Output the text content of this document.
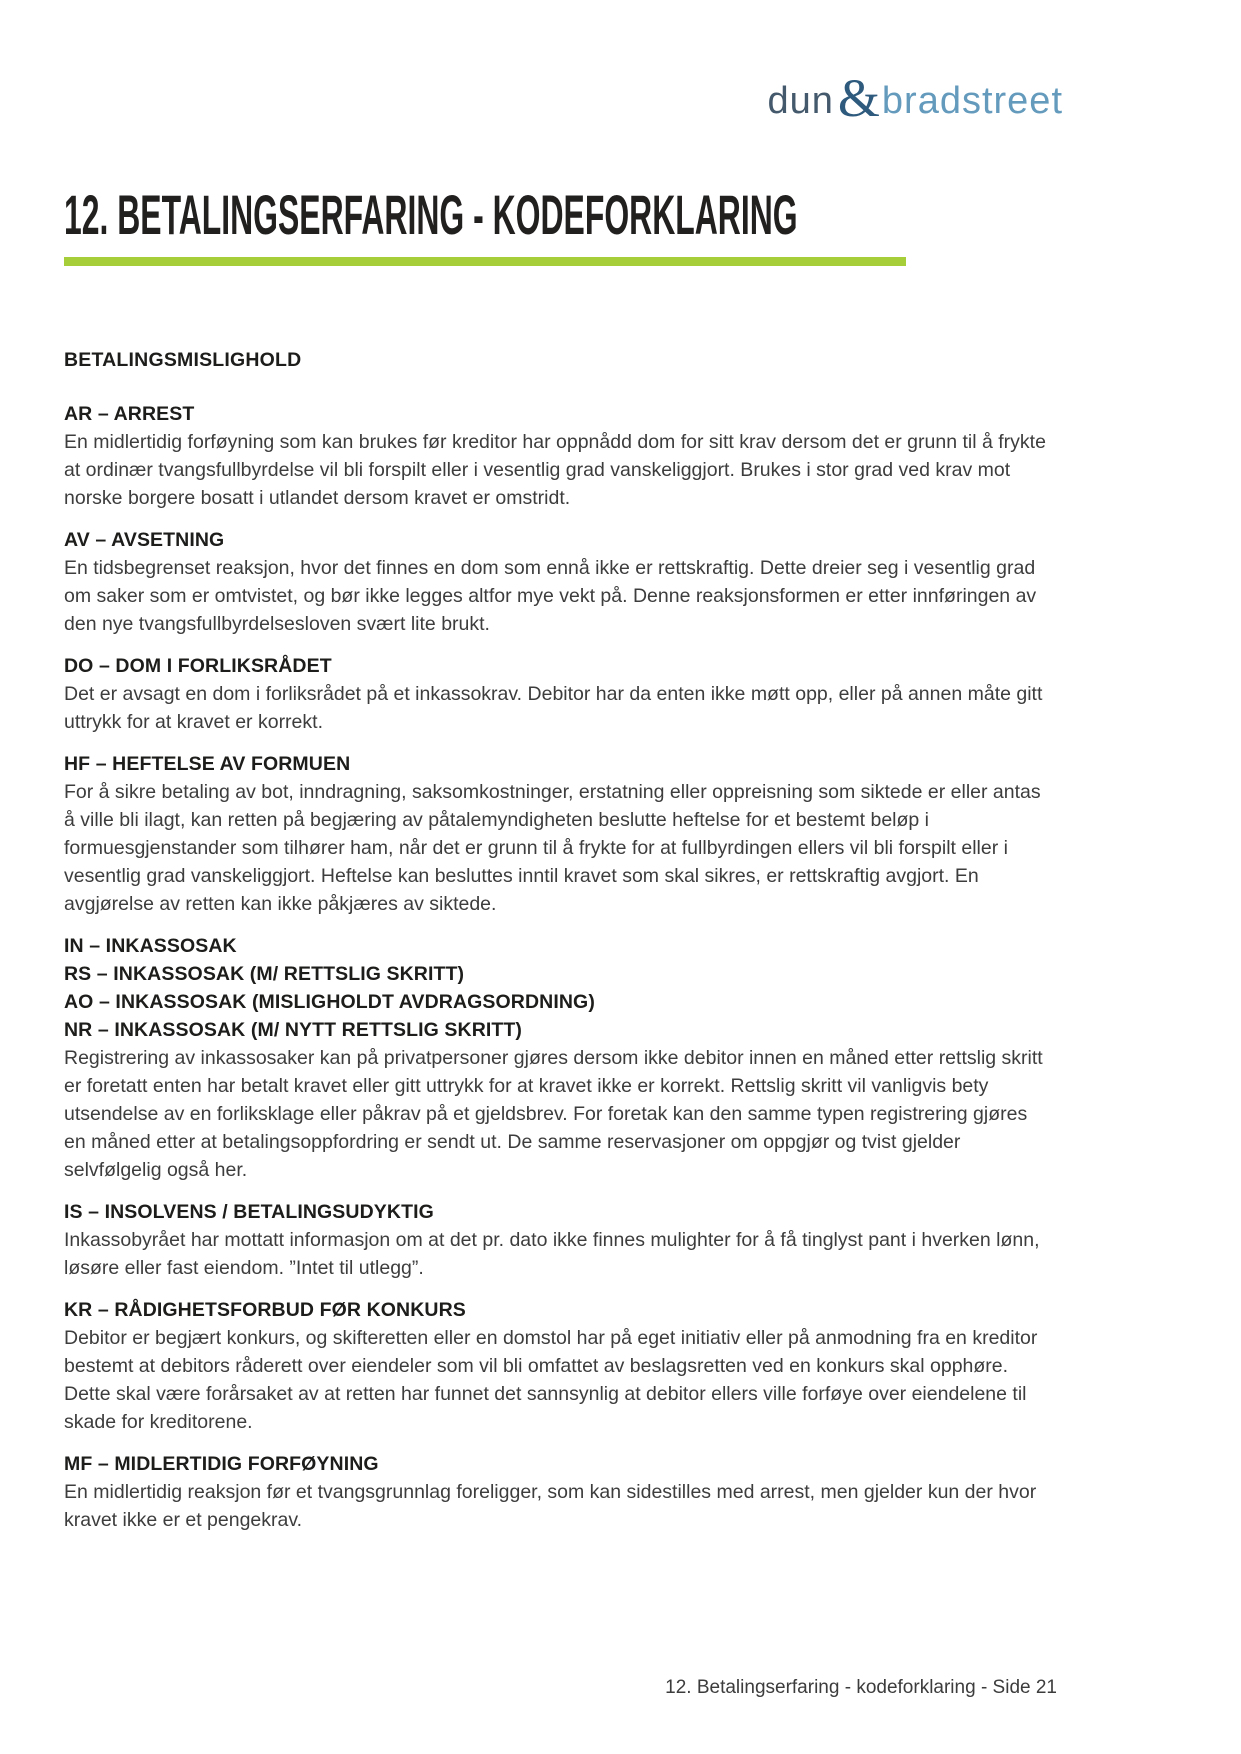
dun & bradstreet
12. BETALINGSERFARING - KODEFORKLARING
BETALINGSMISLIGHOLD
AR – ARREST

En midlertidig forføyning som kan brukes før kreditor har oppnådd dom for sitt krav dersom det er grunn til å frykte at ordinær tvangsfullbyrdelse vil bli forspilt eller i vesentlig grad vanskeliggjort. Brukes i stor grad ved krav mot norske borgere bosatt i utlandet dersom kravet er omstridt.

AV – AVSETNING

En tidsbegrenset reaksjon, hvor det finnes en dom som ennå ikke er rettskraftig. Dette dreier seg i vesentlig grad om saker som er omtvistet, og bør ikke legges altfor mye vekt på. Denne reaksjonsformen er etter innføringen av den nye tvangsfullbyrdelsesloven svært lite brukt.

DO – DOM I FORLIKSRÅDET

Det er avsagt en dom i forliksrådet på et inkassokrav. Debitor har da enten ikke møtt opp, eller på annen måte gitt uttrykk for at kravet er korrekt.

HF – HEFTELSE AV FORMUEN

For å sikre betaling av bot, inndragning, saksomkostninger, erstatning eller oppreisning som siktede er eller antas å ville bli ilagt, kan retten på begjæring av påtalemyndigheten beslutte heftelse for et bestemt beløp i formuesgjenstander som tilhører ham, når det er grunn til å frykte for at fullbyrdingen ellers vil bli forspilt eller i vesentlig grad vanskeliggjort. Heftelse kan besluttes inntil kravet som skal sikres, er rettskraftig avgjort. En avgjørelse av retten kan ikke påkjæres av siktede.

IN – INKASSOSAK
RS – INKASSOSAK (M/ RETTSLIG SKRITT)
AO – INKASSOSAK (MISLIGHOLDT AVDRAGSORDNING)
NR – INKASSOSAK (M/ NYTT RETTSLIG SKRITT)

Registrering av inkassosaker kan på privatpersoner gjøres dersom ikke debitor innen en måned etter rettslig skritt er foretatt enten har betalt kravet eller gitt uttrykk for at kravet ikke er korrekt. Rettslig skritt vil vanligvis bety utsendelse av en forliksklage eller påkrav på et gjeldsbrev. For foretak kan den samme typen registrering gjøres en måned etter at betalingsoppfordring er sendt ut. De samme reservasjoner om oppgjør og tvist gjelder selvfølgelig også her.

IS – INSOLVENS / BETALINGSUDYKTIG

Inkassobyrået har mottatt informasjon om at det pr. dato ikke finnes mulighter for å få tinglyst pant i hverken lønn, løsøre eller fast eiendom. ”Intet til utlegg”.

KR – RÅDIGHETSFORBUD FØR KONKURS

Debitor er begjært konkurs, og skifteretten eller en domstol har på eget initiativ eller på anmodning fra en kreditor bestemt at debitors råderett over eiendeler som vil bli omfattet av beslagsretten ved en konkurs skal opphøre. Dette skal være forårsaket av at retten har funnet det sannsynlig at debitor ellers ville forføye over eiendelene til skade for kreditorene.

MF – MIDLERTIDIG FORFØYNING

En midlertidig reaksjon før et tvangsgrunnlag foreligger, som kan sidestilles med arrest, men gjelder kun der hvor kravet ikke er et pengekrav.

12. Betalingserfaring - kodeforklaring - Side 21
